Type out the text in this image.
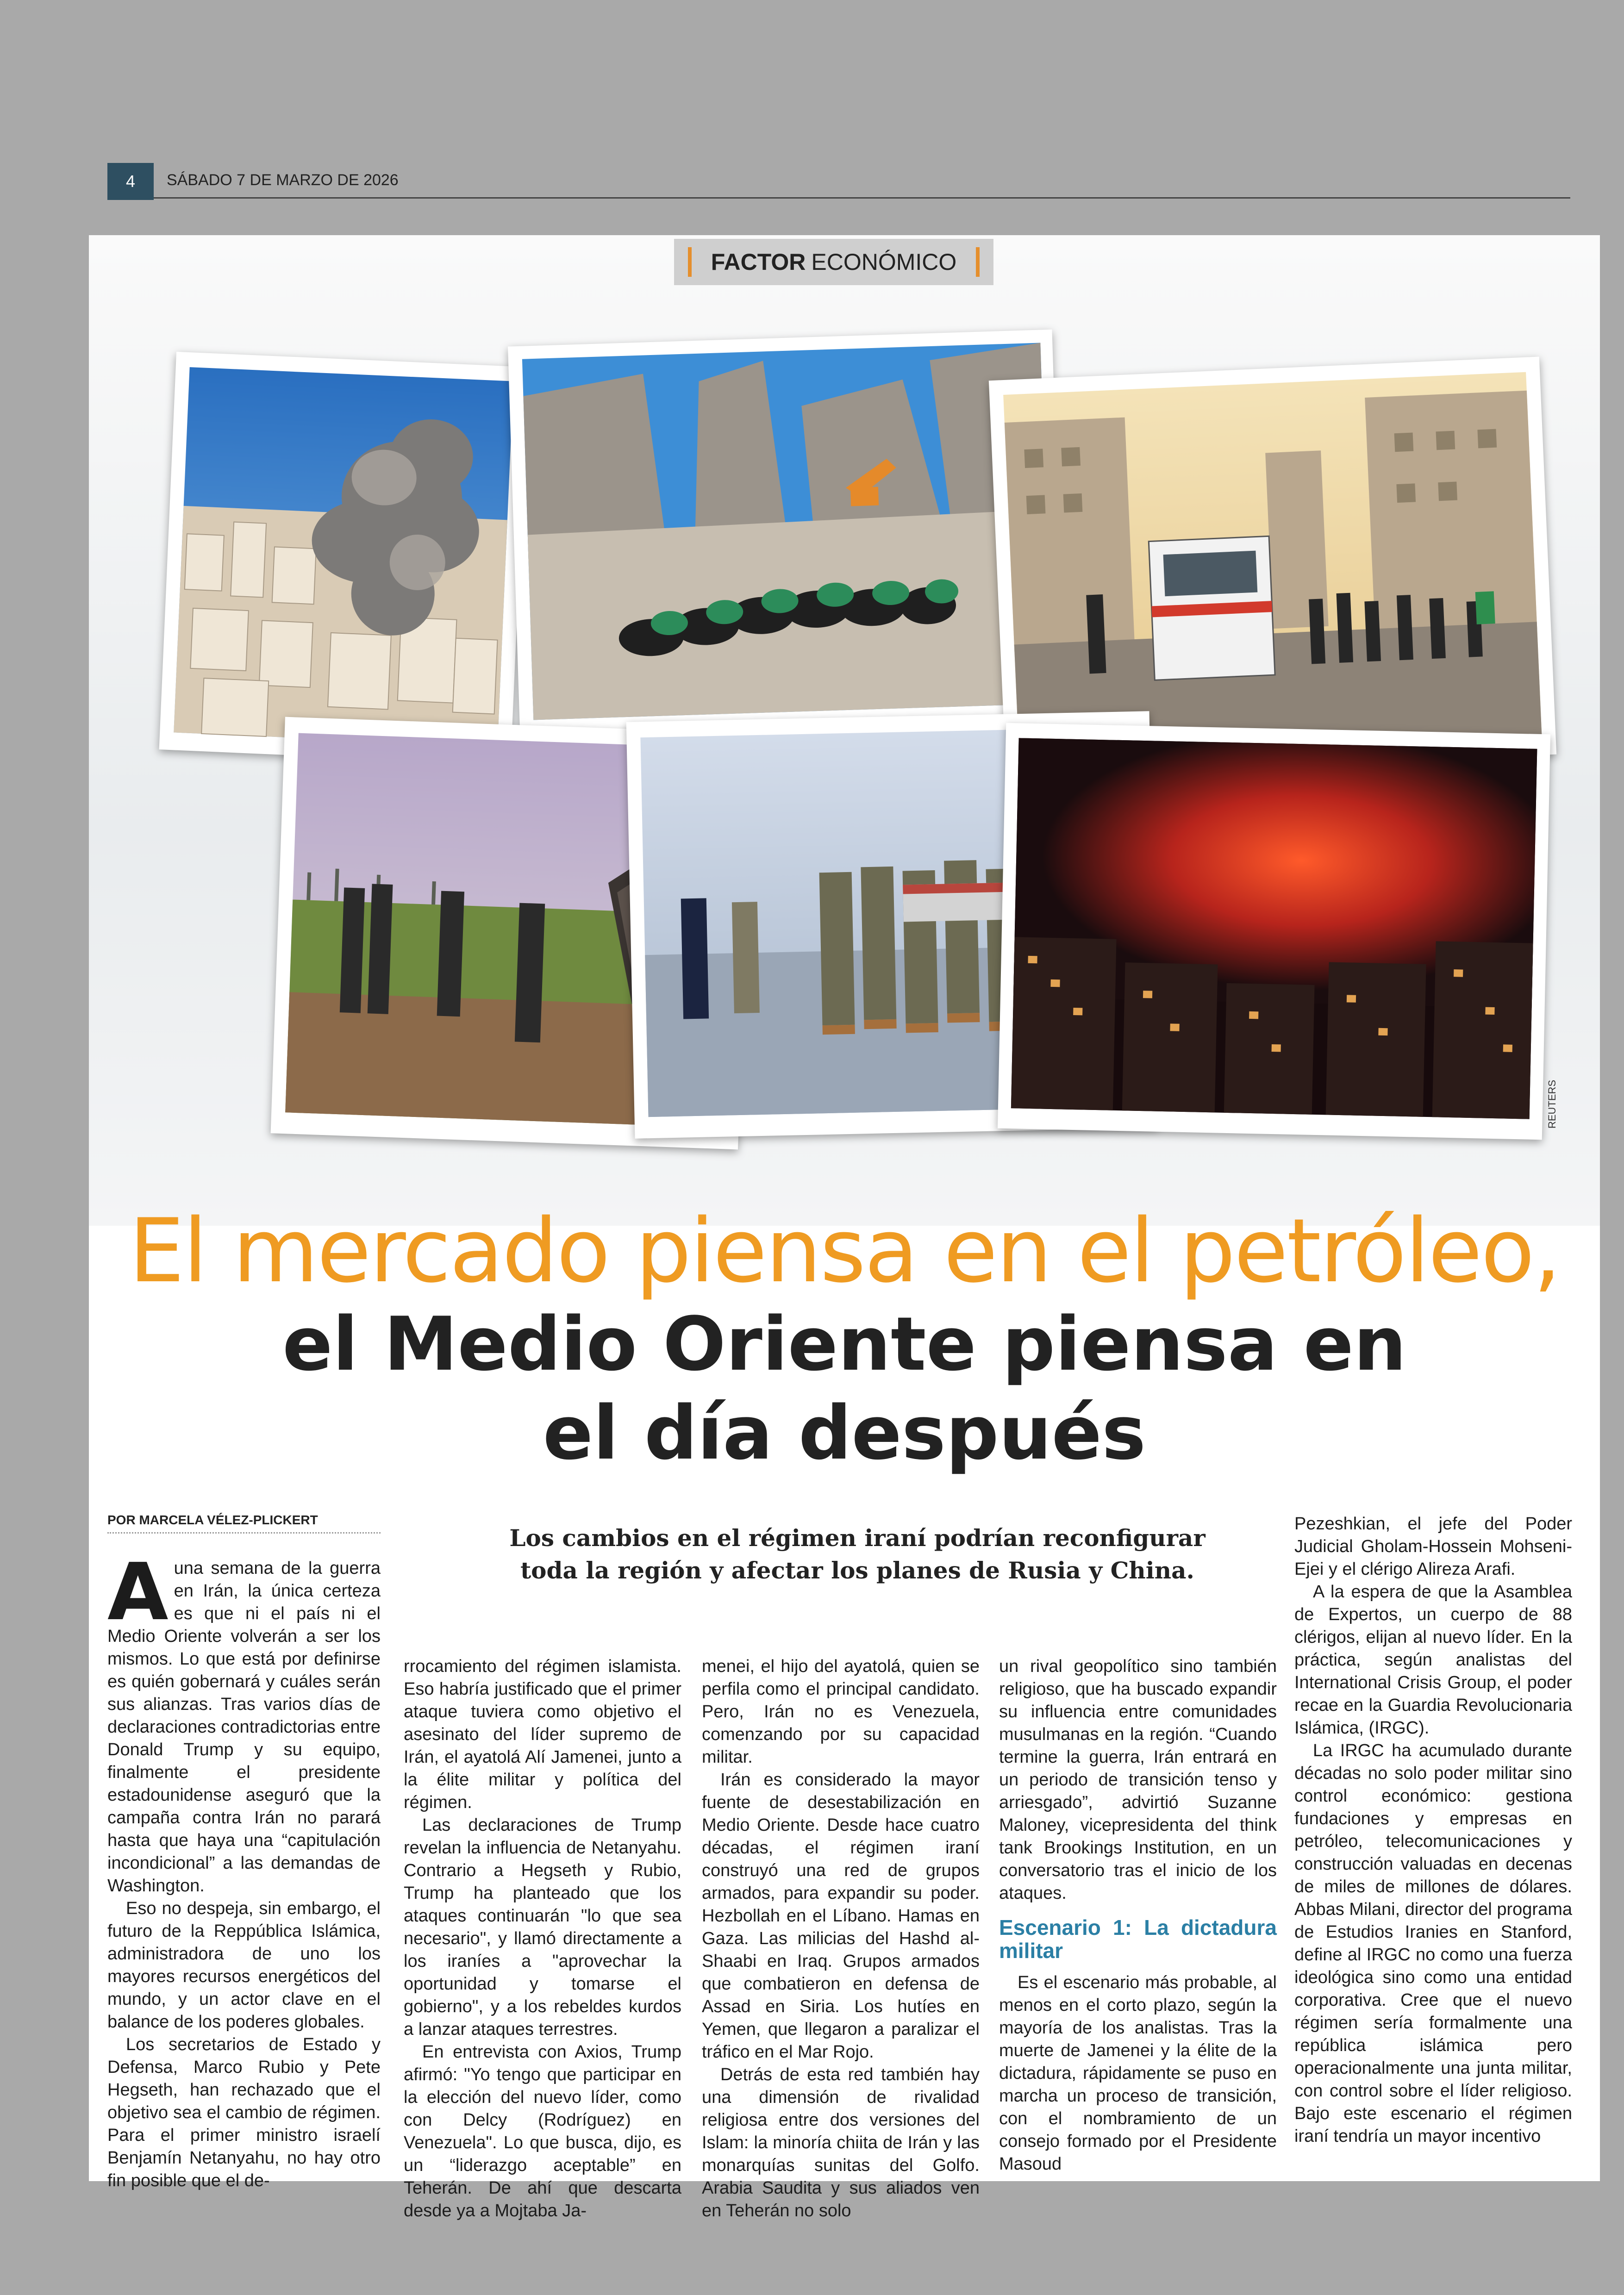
4	SÁBADO 7 DE MARZO DE 2026
FACTOR ECONÓMICO
REUTERS
El mercado piensa en el petróleo,
el Medio Oriente piensa en
el día después
POR MARCELA VÉLEZ-PLICKERT
Los cambios en el régimen iraní podrían reconfigurar
toda la región y afectar los planes de Rusia y China.

Auna semana de la guerra en Irán, la única certeza es que ni el país ni el Medio Oriente volverán a ser los mismos. Lo que está por definirse es quién gobernará y cuáles serán sus alianzas. Tras varios días de declaraciones contradictorias entre Donald Trump y su equipo, finalmente el presidente estadounidense aseguró que la campaña contra Irán no parará hasta que haya una “capitulación incondicional” a las demandas de Washington.

Eso no despeja, sin embargo, el futuro de la Reppública Islámica, administradora de uno los mayores recursos energéticos del mundo, y un actor clave en el balance de los poderes globales.

Los secretarios de Estado y Defensa, Marco Rubio y Pete Hegseth, han rechazado que el objetivo sea el cambio de régimen. Para el primer ministro israelí Benjamín Netanyahu, no hay otro fin posible que el de-

rrocamiento del régimen islamista. Eso habría justificado que el primer ataque tuviera como objetivo el asesinato del líder supremo de Irán, el ayatolá Alí Jamenei, junto a la élite militar y política del régimen.

Las declaraciones de Trump revelan la influencia de Netanyahu. Contrario a Hegseth y Rubio, Trump ha planteado que los ataques continuarán "lo que sea necesario", y llamó directamente a los iraníes a "aprovechar la oportunidad y tomarse el gobierno", y a los rebeldes kurdos a lanzar ataques terrestres.

En entrevista con Axios, Trump afirmó: "Yo tengo que participar en la elección del nuevo líder, como con Delcy (Rodríguez) en Venezuela". Lo que busca, dijo, es un “liderazgo aceptable” en Teherán. De ahí que descarta desde ya a Mojtaba Ja-

menei, el hijo del ayatolá, quien se perfila como el principal candidato. Pero, Irán no es Venezuela, comenzando por su capacidad militar.

Irán es considerado la mayor fuente de desestabilización en Medio Oriente. Desde hace cuatro décadas, el régimen iraní construyó una red de grupos armados, para expandir su poder. Hezbollah en el Líbano. Hamas en Gaza. Las milicias del Hashd al-Shaabi en Iraq. Grupos armados que combatieron en defensa de Assad en Siria. Los hutíes en Yemen, que llegaron a paralizar el tráfico en el Mar Rojo.

Detrás de esta red también hay una dimensión de rivalidad religiosa entre dos versiones del Islam: la minoría chiita de Irán y las monarquías sunitas del Golfo. Arabia Saudita y sus aliados ven en Teherán no solo

un rival geopolítico sino también religioso, que ha buscado expandir su influencia entre comunidades musulmanas en la región. “Cuando termine la guerra, Irán entrará en un periodo de transición tenso y arriesgado”, advirtió Suzanne Maloney, vicepresidenta del think tank Brookings Institution, en un conversatorio tras el inicio de los ataques.

Escenario 1: La dictadura militar

Es el escenario más probable, al menos en el corto plazo, según la mayoría de los analistas. Tras la muerte de Jamenei y la élite de la dictadura, rápidamente se puso en marcha un proceso de transición, con el nombramiento de un consejo formado por el Presidente Masoud

Pezeshkian, el jefe del Poder Judicial Gholam-Hossein Mohseni-Ejei y el clérigo Alireza Arafi.

A la espera de que la Asamblea de Expertos, un cuerpo de 88 clérigos, elijan al nuevo líder. En la práctica, según analistas del International Crisis Group, el poder recae en la Guardia Revolucionaria Islámica, (IRGC).

La IRGC ha acumulado durante décadas no solo poder militar sino control económico: gestiona fundaciones y empresas en petróleo, telecomunicaciones y construcción valuadas en decenas de miles de millones de dólares. Abbas Milani, director del programa de Estudios Iranies en Stanford, define al IRGC no como una fuerza ideológica sino como una entidad corporativa. Cree que el nuevo régimen sería formalmente una república islámica pero operacionalmente una junta militar, con control sobre el líder religioso. Bajo este escenario el régimen iraní tendría un mayor incentivo
